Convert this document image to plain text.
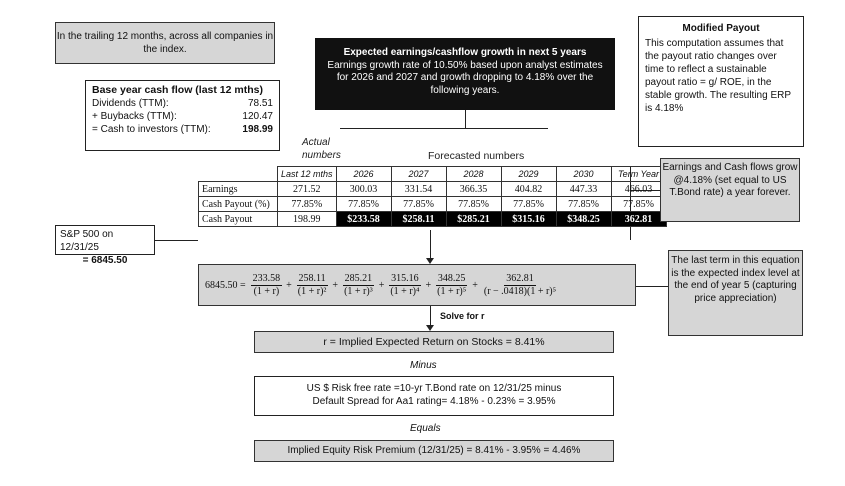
In the trailing 12 months, across all companies in the index.
Base year cash flow (last 12 mths)
Dividends (TTM):	78.51
+ Buybacks (TTM):	120.47
= Cash to investors (TTM):	198.99
Expected earnings/cashflow growth in next 5 years
Earnings growth rate of 10.50% based upon analyst estimates for 2026 and 2027 and growth dropping to 4.18% over the following years.
Modified Payout
This computation assumes that the payout ratio changes over time to reflect a sustainable payout ratio = g/ ROE, in the stable growth. The resulting ERP is 4.18%
Actual numbers	Forecasted numbers
	Last 12 mths	2026	2027	2028	2029	2030	Term Year
Earnings	271.52	300.03	331.54	366.35	404.82	447.33	466.03
Cash Payout (%)	77.85%	77.85%	77.85%	77.85%	77.85%	77.85%	77.85%
Cash Payout	198.99	$233.58	$258.11	$285.21	$315.16	$348.25	362.81
Earnings and Cash flows grow @4.18% (set equal to US T.Bond rate) a year forever.
S&P 500 on 12/31/25
= 6845.50
$6845.50 = \frac{233.58}{(1 + r)} + \frac{258.11}{\text{(1 + r)²}} + \frac{285.21}{\text{(1 + r)³}} + \frac{315.16}{\text{(1 + r)⁴}} + \frac{348.25}{\text{(1 + r)⁵}} + \frac{362.81}{\text{(r − .0418)(1 + r)⁵}}$
The last term in this equation is the expected index level at the end of year 5 (capturing price appreciation)
Solve for r
r = Implied Expected Return on Stocks = 8.41%
Minus
US $ Risk free rate =10-yr T.Bond rate on 12/31/25 minus
Default Spread for Aa1 rating= 4.18% - 0.23% = 3.95%
Equals
Implied Equity Risk Premium (12/31/25) = 8.41% - 3.95% = 4.46%
